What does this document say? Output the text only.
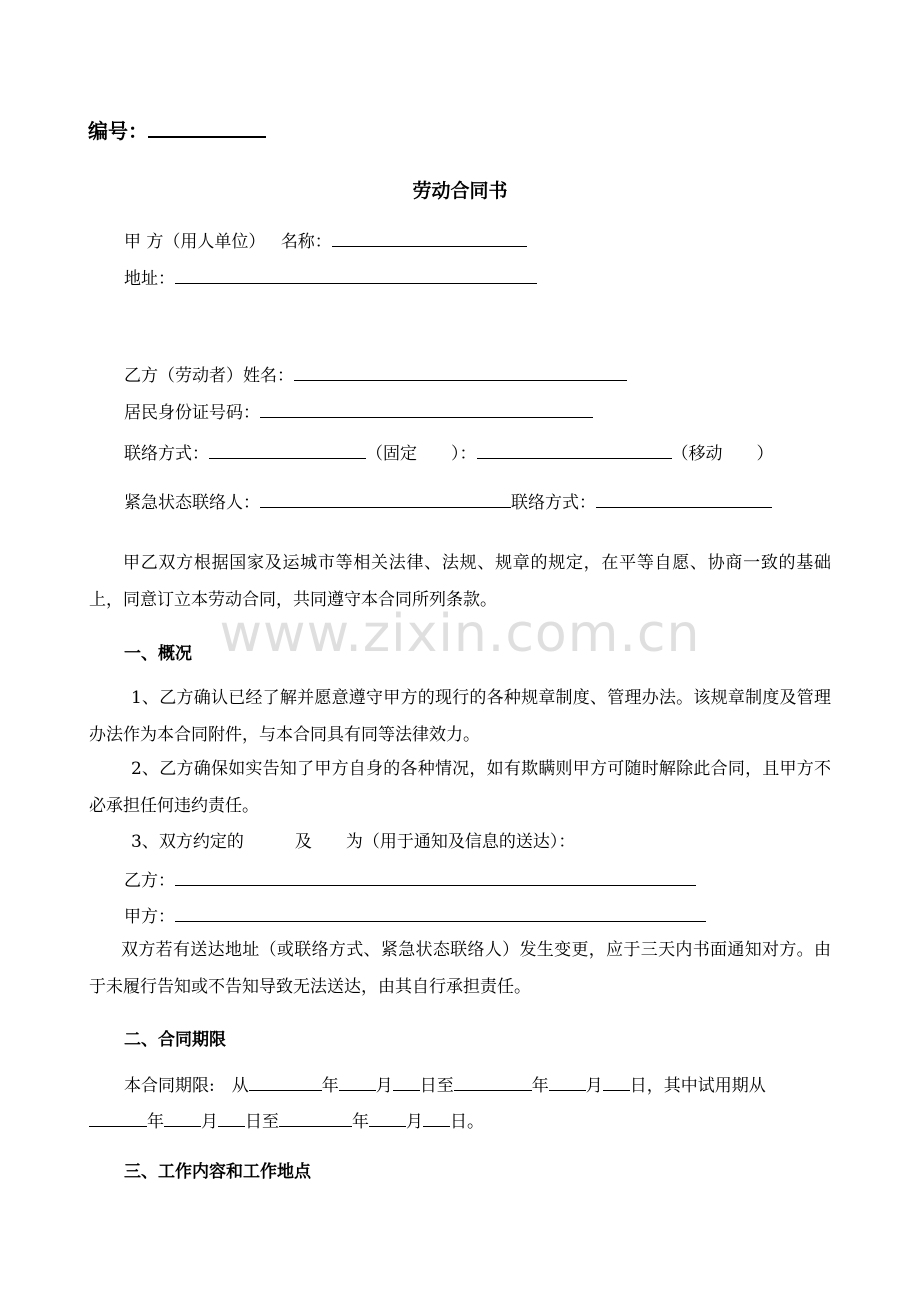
www.zixin.com.cn
编号：
劳动合同书
甲 方（用人单位） 名称：
地址：
乙方（劳动者）姓名：
居民身份证号码：
联络方式：	（固定　　）：	（移动　　）
紧急状态联络人：	联络方式：

甲乙双方根据国家及运城市等相关法律、法规、规章的规定，在平等自愿、协商一致的基础上，同意订立本劳动合同，共同遵守本合同所列条款。

一、概况

1、乙方确认已经了解并愿意遵守甲方的现行的各种规章制度、管理办法。该规章制度及管理办法作为本合同附件，与本合同具有同等法律效力。

2、乙方确保如实告知了甲方自身的各种情况，如有欺瞒则甲方可随时解除此合同，且甲方不必承担任何违约责任。

3、双方约定的　　　及　　为（用于通知及信息的送达）：
乙方：
甲方：

双方若有送达地址（或联络方式、紧急状态联络人）发生变更，应于三天内书面通知对方。由于未履行告知或不告知导致无法送达，由其自行承担责任。

二、合同期限
本合同期限:　从	年 月 日至	年 月 日，其中试用期从
年 月 日至	年 月 日。
三、工作内容和工作地点
